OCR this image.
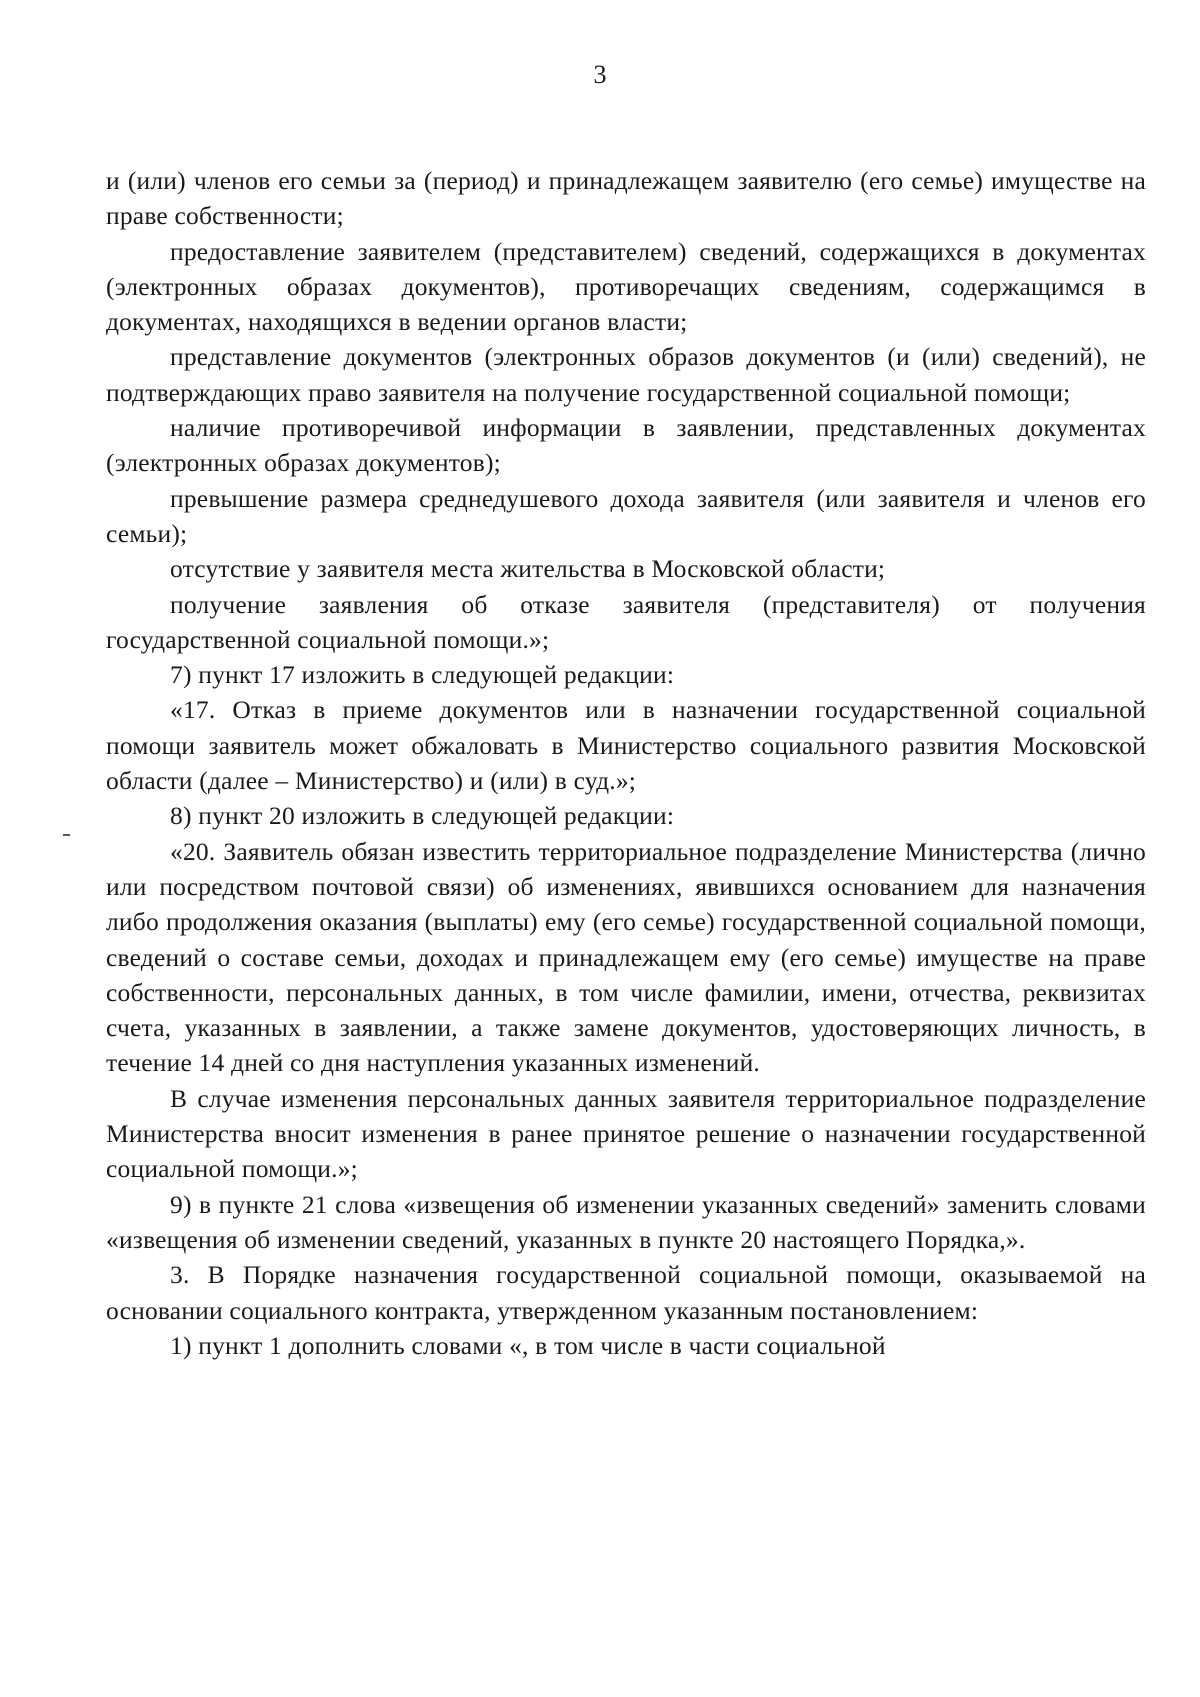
3

и (или) членов его семьи за (период) и принадлежащем заявителю (его семье) имуществе на праве собственности;

предоставление заявителем (представителем) сведений, содержащихся в документах (электронных образах документов), противоречащих сведениям, содержащимся в документах, находящихся в ведении органов власти;

представление документов (электронных образов документов (и (или) сведений), не подтверждающих право заявителя на получение государственной социальной помощи;

наличие противоречивой информации в заявлении, представленных документах (электронных образах документов);

превышение размера среднедушевого дохода заявителя (или заявителя и членов его семьи);

отсутствие у заявителя места жительства в Московской области;

получение заявления об отказе заявителя (представителя) от получения государственной социальной помощи.»;

7) пункт 17 изложить в следующей редакции:

«17. Отказ в приеме документов или в назначении государственной социальной помощи заявитель может обжаловать в Министерство социального развития Московской области (далее – Министерство) и (или) в суд.»;

8) пункт 20 изложить в следующей редакции:

«20. Заявитель обязан известить территориальное подразделение Министерства (лично или посредством почтовой связи) об изменениях, явившихся основанием для назначения либо продолжения оказания (выплаты) ему (его семье) государственной социальной помощи, сведений о составе семьи, доходах и принадлежащем ему (его семье) имуществе на праве собственности, персональных данных, в том числе фамилии, имени, отчества, реквизитах счета, указанных в заявлении, а также замене документов, удостоверяющих личность, в течение 14 дней со дня наступления указанных изменений.

В случае изменения персональных данных заявителя территориальное подразделение Министерства вносит изменения в ранее принятое решение о назначении государственной социальной помощи.»;

9) в пункте 21 слова «извещения об изменении указанных сведений» заменить словами «извещения об изменении сведений, указанных в пункте 20 настоящего Порядка,».

3. В Порядке назначения государственной социальной помощи, оказываемой на основании социального контракта, утвержденном указанным постановлением:

1) пункт 1 дополнить словами «, в том числе в части социальной
